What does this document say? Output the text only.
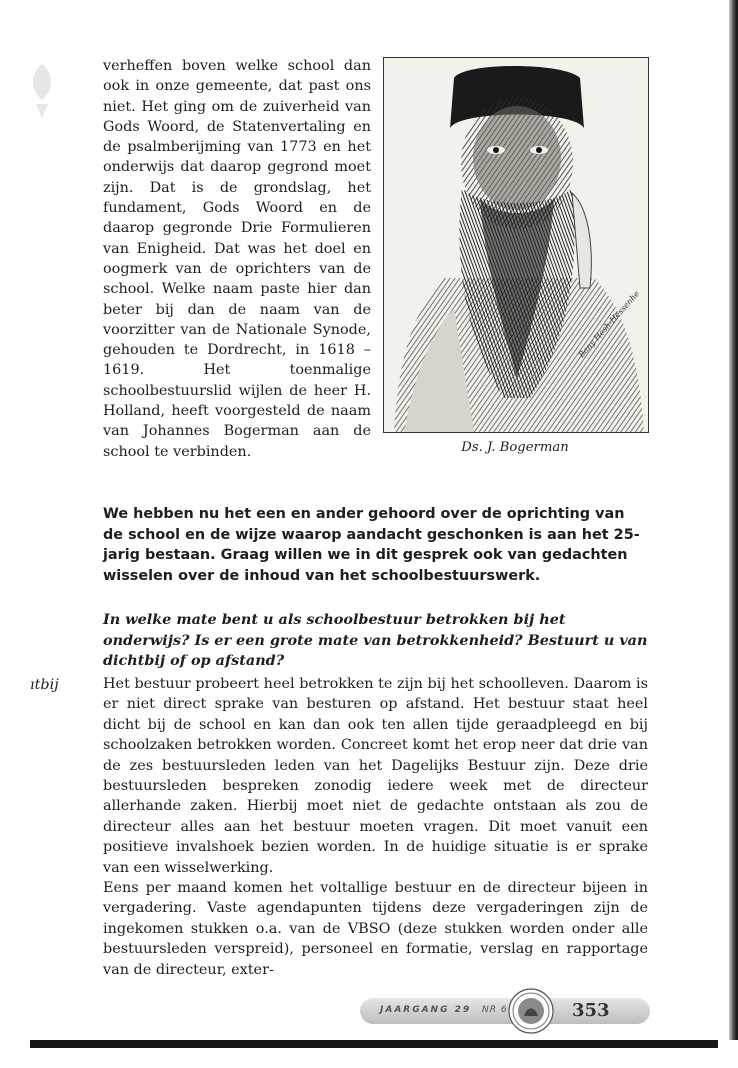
verheffen boven welke school dan ook in onze gemeente, dat past ons niet. Het ging om de zuiverheid van Gods Woord, de Statenvertaling en de psalmberijming van 1773 en het onderwijs dat daarop gegrond moet zijn. Dat is de grondslag, het fundament, Gods Woord en de daarop gegronde Drie Formulieren van Enigheid. Dat was het doel en oogmerk van de oprichters van de school. Welke naam paste hier dan beter bij dan de naam van de voorzitter van de Nationale Synode, gehouden te Dordrecht, in 1618 – 1619. Het toenmalige schoolbestuurslid wijlen de heer H. Holland, heeft voorgesteld de naam van Johannes Bogerman aan de school te verbinden.

Bany Hesh-Hessenhe
Ds. J. Bogerman

We hebben nu het een en ander gehoord over de oprichting van de school en de wijze waarop aandacht geschonken is aan het 25-jarig bestaan. Graag willen we in dit gesprek ook van gedachten wisselen over de inhoud van het schoolbestuurswerk.

In welke mate bent u als schoolbestuur betrokken bij het onderwijs? Is er een grote mate van betrokkenheid? Bestuurt u van dichtbij of op afstand?

ıtbij	Het bestuur probeert heel betrokken te zijn bij het schoolleven. Daarom is er niet direct sprake van besturen op afstand. Het bestuur staat heel dicht bij de school en kan dan ook ten allen tijde geraadpleegd en bij schoolzaken betrokken worden. Concreet komt het erop neer dat drie van de zes bestuursleden leden van het Dagelijks Bestuur zijn. Deze drie bestuursleden bespreken zonodig iedere week met de directeur allerhande zaken. Hierbij moet niet de gedachte ontstaan als zou de directeur alles aan het bestuur moeten vragen. Dit moet vanuit een positieve invalshoek bezien worden. In de huidige situatie is er sprake van een wisselwerking.

Eens per maand komen het voltallige bestuur en de directeur bijeen in vergadering. Vaste agendapunten tijdens deze vergaderingen zijn de ingekomen stukken o.a. van de VBSO (deze stukken worden onder alle bestuursleden verspreid), personeel en formatie, verslag en rapportage van de directeur, exter-

JAARGANG 29 NR 6	353
